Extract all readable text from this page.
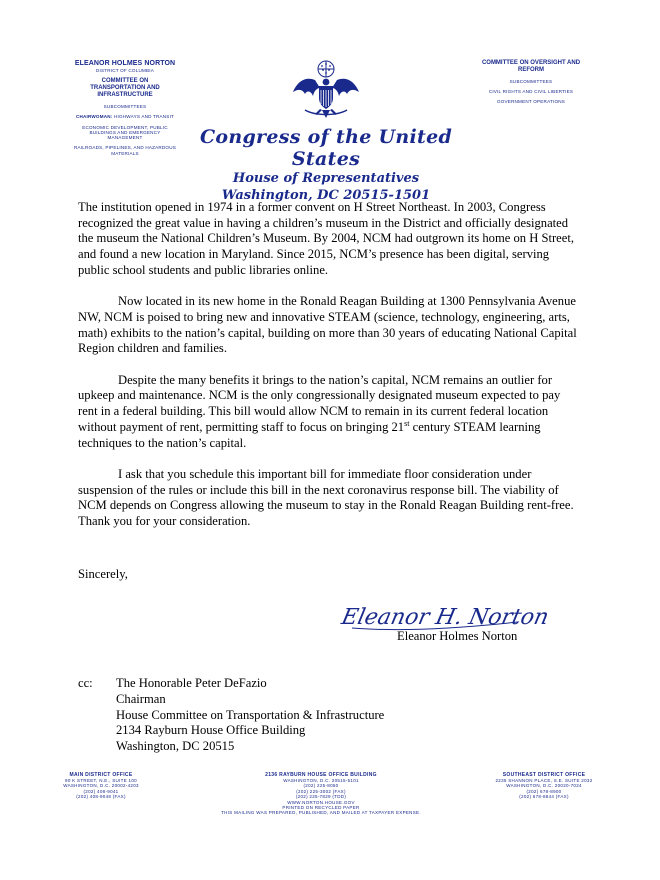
ELEANOR HOLMES NORTON
DISTRICT OF COLUMBIA
COMMITTEE ON
TRANSPORTATION AND
INFRASTRUCTURE
SUBCOMMITTEES
CHAIRWOMAN: HIGHWAYS AND TRANSIT
ECONOMIC DEVELOPMENT, PUBLIC
BUILDINGS AND EMERGENCY
MANAGEMENT
RAILROADS, PIPELINES, AND HAZARDOUS
MATERIALS
Congress of the United States
House of Representatives
Washington, DC 20515-1501
COMMITTEE ON OVERSIGHT AND
REFORM
SUBCOMMITTEES
CIVIL RIGHTS AND CIVIL LIBERTIES
GOVERNMENT OPERATIONS

The institution opened in 1974 in a former convent on H Street Northeast. In 2003, Congress recognized the great value in having a children’s museum in the District and officially designated the museum the National Children’s Museum. By 2004, NCM had outgrown its home on H Street, and found a new location in Maryland. Since 2015, NCM’s presence has been digital, serving public school students and public libraries online.

Now located in its new home in the Ronald Reagan Building at 1300 Pennsylvania Avenue NW, NCM is poised to bring new and innovative STEAM (science, technology, engineering, arts, math) exhibits to the nation’s capital, building on more than 30 years of educating National Capital Region children and families.

Despite the many benefits it brings to the nation’s capital, NCM remains an outlier for upkeep and maintenance. NCM is the only congressionally designated museum expected to pay rent in a federal building. This bill would allow NCM to remain in its current federal location without payment of rent, permitting staff to focus on bringing 21st century STEAM learning techniques to the nation’s capital.

I ask that you schedule this important bill for immediate floor consideration under suspension of the rules or include this bill in the next coronavirus response bill. The viability of NCM depends on Congress allowing the museum to stay in the Ronald Reagan Building rent-free. Thank you for your consideration.

Sincerely,
Eleanor H. Norton
Eleanor Holmes Norton
cc: The Honorable Peter DeFazio
Chairman
House Committee on Transportation & Infrastructure
2134 Rayburn House Office Building
Washington, DC 20515
MAIN DISTRICT OFFICE
90 K STREET, N.E., SUITE 100
WASHINGTON, D.C. 20002-4203
(202) 408-9041
(202) 408-9048 (FAX)
2136 RAYBURN HOUSE OFFICE BUILDING
WASHINGTON, D.C. 20515-5101
(202) 225-8050
(202) 225-3002 (FAX)
(202) 225-7829 (TDD)
WWW.NORTON.HOUSE.GOV
PRINTED ON RECYCLED PAPER
THIS MAILING WAS PREPARED, PUBLISHED, AND MAILED AT TAXPAYER EXPENSE.
SOUTHEAST DISTRICT OFFICE
2235 SHANNON PLACE, S.E. SUITE 2032
WASHINGTON, D.C. 20020-7024
(202) 678-8900
(202) 678-8844 (FAX)
